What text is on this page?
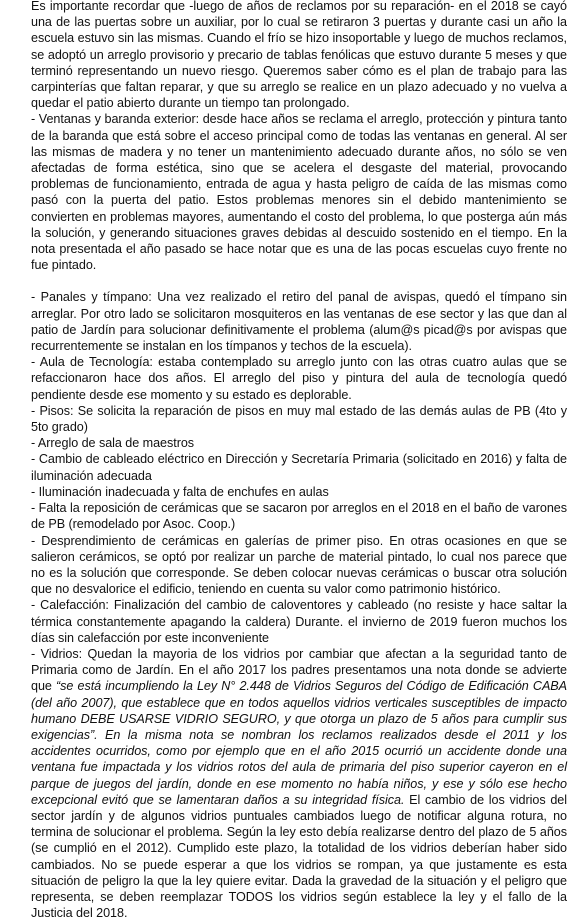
Es importante recordar que -luego de años de reclamos por su reparación- en el 2018 se cayó una de las puertas sobre un auxiliar, por lo cual se retiraron 3 puertas y durante casi un año la escuela estuvo sin las mismas. Cuando el frío se hizo insoportable y luego de muchos reclamos, se adoptó un arreglo provisorio y precario de tablas fenólicas que estuvo durante 5 meses y que terminó representando un nuevo riesgo. Queremos saber cómo es el plan de trabajo para las carpinterías que faltan reparar, y que su arreglo se realice en un plazo adecuado y no vuelva a quedar el patio abierto durante un tiempo tan prolongado.

- Ventanas y baranda exterior: desde hace años se reclama el arreglo, protección y pintura tanto de la baranda que está sobre el acceso principal como de todas las ventanas en general. Al ser las mismas de madera y no tener un mantenimiento adecuado durante años, no sólo se ven afectadas de forma estética, sino que se acelera el desgaste del material, provocando problemas de funcionamiento, entrada de agua y hasta peligro de caída de las mismas como pasó con la puerta del patio. Estos problemas menores sin el debido mantenimiento se convierten en problemas mayores, aumentando el costo del problema, lo que posterga aún más la solución, y generando situaciones graves debidas al descuido sostenido en el tiempo. En la nota presentada el año pasado se hace notar que es una de las pocas escuelas cuyo frente no fue pintado.

- Panales y tímpano: Una vez realizado el retiro del panal de avispas, quedó el tímpano sin arreglar. Por otro lado se solicitaron mosquiteros en las ventanas de ese sector y las que dan al patio de Jardín para solucionar definitivamente el problema (alum@s picad@s por avispas que recurrentemente se instalan en los tímpanos y techos de la escuela).

- Aula de Tecnología: estaba contemplado su arreglo junto con las otras cuatro aulas que se refaccionaron hace dos años. El arreglo del piso y pintura del aula de tecnología quedó pendiente desde ese momento y su estado es deplorable.

- Pisos: Se solicita la reparación de pisos en muy mal estado de las demás aulas de PB (4to y 5to grado)

- Arreglo de sala de maestros

- Cambio de cableado eléctrico en Dirección y Secretaría Primaria (solicitado en 2016) y falta de iluminación adecuada

- Iluminación inadecuada y falta de enchufes en aulas

- Falta la reposición de cerámicas que se sacaron por arreglos en el 2018 en el baño de varones de PB (remodelado por Asoc. Coop.)

- Desprendimiento de cerámicas en galerías de primer piso. En otras ocasiones en que se salieron cerámicos, se optó por realizar un parche de material pintado, lo cual nos parece que no es la solución que corresponde. Se deben colocar nuevas cerámicas o buscar otra solución que no desvalorice el edificio, teniendo en cuenta su valor como patrimonio histórico.

- Calefacción: Finalización del cambio de caloventores y cableado (no resiste y hace saltar la térmica constantemente apagando la caldera) Durante. el invierno de 2019 fueron muchos los días sin calefacción por este inconveniente

- Vidrios: Quedan la mayoria de los vidrios por cambiar que afectan a la seguridad tanto de Primaria como de Jardín. En el año 2017 los padres presentamos una nota donde se advierte que “se está incumpliendo la Ley N° 2.448 de Vidrios Seguros del Código de Edificación CABA (del año 2007), que establece que en todos aquellos vidrios verticales susceptibles de impacto humano DEBE USARSE VIDRIO SEGURO, y que otorga un plazo de 5 años para cumplir sus exigencias”. En la misma nota se nombran los reclamos realizados desde el 2011 y los accidentes ocurridos, como por ejemplo que en el año 2015 ocurrió un accidente donde una ventana fue impactada y los vidrios rotos del aula de primaria del piso superior cayeron en el parque de juegos del jardín, donde en ese momento no había niños, y ese y sólo ese hecho excepcional evitó que se lamentaran daños a su integridad física. El cambio de los vidrios del sector jardín y de algunos vidrios puntuales cambiados luego de notificar alguna rotura, no termina de solucionar el problema. Según la ley esto debía realizarse dentro del plazo de 5 años (se cumplió en el 2012). Cumplido este plazo, la totalidad de los vidrios deberían haber sido cambiados. No se puede esperar a que los vidrios se rompan, ya que justamente es esta situación de peligro la que la ley quiere evitar. Dada la gravedad de la situación y el peligro que representa, se deben reemplazar TODOS los vidrios según establece la ley y el fallo de la Justicia del 2018.
